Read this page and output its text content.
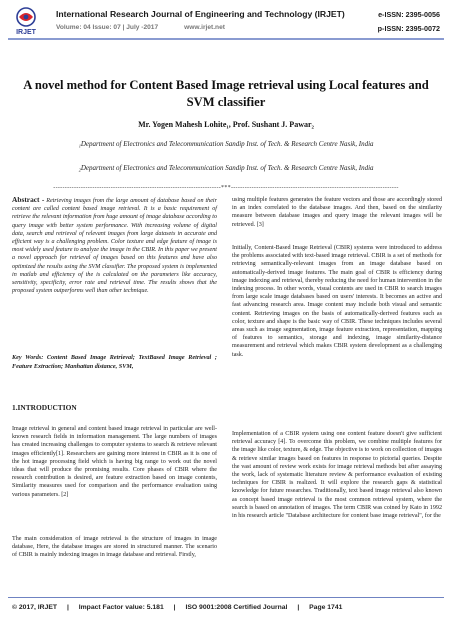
IRJET
International Research Journal of Engineering and Technology (IRJET)
Volume: 04 Issue: 07 | July -2017	www.irjet.net
e-ISSN: 2395-0056
p-ISSN: 2395-0072
A novel method for Content Based Image retrieval using Local features and SVM classifier
Mr. Yogen Mahesh Lohite₁, Prof. Sushant J. Pawar₂
₁Department of Electronics and Telecommunication Sandip Inst. of Tech. & Research Centre Nasik, India
₂Department of Electronics and Telecommunication Sandip Inst. of Tech. & Research Centre Nasik, India
-------------------------------------------------------------------------***-------------------------------------------------------------------------
Abstract - Retrieving images from the large amount of database based on their content are called content based image retrieval. It is a basic requirement of retrieve the relevant information from huge amount of image database according to query image with better system performance. With increasing volume of digital data, search and retrieval of relevant images from large datasets in accurate and efficient way is a challenging problem. Color texture and edge feature of image is most widely used feature to analyze the image in the CBIR. In this paper we present a novel approach for retrieval of images based on this features and have also optimized the results using the SVM classifier. The proposed system is implemented in matlab and efficiency of the is calculated on the parameters like accuracy, sensitivity, specificity, error rate and retrieval time. The results shows that the proposed system outperforms well than other technique.
Key Words: Content Based Image Retrieval; TextBased Image Retrieval ; Feature Extraction; Manhattan distance, SVM,
1.INTRODUCTION
Image retrieval in general and content based image retrieval in particular are well-known research fields in information management. The large numbers of images has created increasing challenges to computer systems to search & retrieve relevant images efficiently[1]. Researchers are gaining more interest in CBIR as it is one of the hot image processing field which is having big range to work out the novel ideas that will produce the promising results. Core phases of CBIR where the research contribution is desired, are feature extraction based on image contents, Similarity measures used for comparison and the performance evaluation using various parameters. [2]
The main consideration of image retrieval is the structure of images in image database, Here, the database images are stored in structured manner. The scenario of CBIR is mainly indexing images in image database and retrieval. Firstly,
using multiple features generates the feature vectors and those are accordingly stored in an index correlated to the database images. And then, based on the similarity measure between database images and query image the relevant images will be retrieved. [3]
Initially, Content-Based Image Retrieval (CBIR) systems were introduced to address the problems associated with text-based image retrieval. CBIR is a set of methods for retrieving semantically-relevant images from an image database based on automatically-derived image features. The main goal of CBIR is efficiency during image indexing and retrieval, thereby reducing the need for human intervention in the indexing process. In other words, visual contents are used in CBIR to search images from large scale image databases based on users' interests. It becomes an active and fast advancing research area. Image content may include both visual and semantic content. Retrieving images on the basis of automatically-derived features such as color, texture and shape is the basic way of CBIR. These techniques includes several areas such as image segmentation, image feature extraction, representation, mapping of features to semantics, storage and indexing, image similarity-distance measurement and retrieval which makes CBIR system development as a challenging task.
Implementation of a CBIR system using one content feature doesn't give sufficient retrieval accuracy [4]. To overcome this problem, we combine multiple features for the image like color, texture, & edge. The objective is to work on collection of images & retrieve similar images based on features in response to pictorial queries. Despite the vast amount of review work exists for image retrieval methods but after assaying the work, lack of systematic literature review & performance evaluation of existing techniques for CBIR is realized. It will explore the research gaps & statistical knowledge for future researches. Traditionally, text based image retrieval also known as concept based image retrieval is the most common retrieval system, where the search is based on annotation of images. The term CBIR was coined by Kato in 1992 in his research article "Database architecture for content base image retrieval", for the
© 2017, IRJET | Impact Factor value: 5.181 | ISO 9001:2008 Certified Journal | Page 1741
